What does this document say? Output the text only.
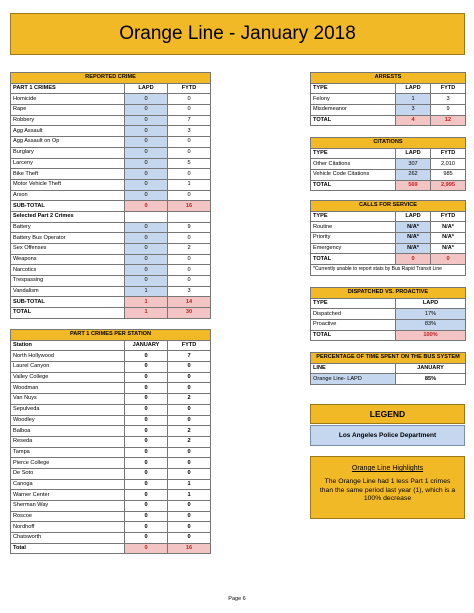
Orange Line - January 2018
REPORTED CRIME		
PART 1 CRIMES	LAPD	FYTD
Homicide	0	0
Rape	0	0
Robbery	0	7
Agg Assault	0	3
Agg Assault on Op	0	0
Burglary	0	0
Larceny	0	5
Bike Theft	0	0
Motor Vehicle Theft	0	1
Arson	0	0
SUB-TOTAL	0	16
Selected Part 2 Crimes		
Battery	0	9
Battery Bus Operator	0	0
Sex Offenses	0	2
Weapons	0	0
Narcotics	0	0
Trespassing	0	0
Vandalism	1	3
SUB-TOTAL	1	14
TOTAL	1	30
PART 1 CRIMES PER STATION		
Station	JANUARY	FYTD
North Hollywood	0	7
Laurel Canyon	0	0
Valley College	0	0
Woodman	0	0
Van Nuys	0	2
Sepulveda	0	0
Woodley	0	0
Balboa	0	2
Reseda	0	2
Tampa	0	0
Pierce College	0	0
De Soto	0	0
Canoga	0	1
Warner Center	0	1
Sherman Way	0	0
Roscoe	0	0
Nordhoff	0	0
Chatsworth	0	0
Total	0	16
ARRESTS		
TYPE	LAPD	FYTD
Felony	1	3
Misdemeanor	3	9
TOTAL	4	12
CITATIONS		
TYPE	LAPD	FYTD
Other Citations	307	2,010
Vehicle Code Citations	262	985
TOTAL	569	2,995
CALLS FOR SERVICE		
TYPE	LAPD	FYTD
Routine	N/A*	N/A*
Priority	N/A*	N/A*
Emergency	N/A*	N/A*
TOTAL	0	0
*Currently unable to report stats by Bus Rapid Transit Line		
DISPATCHED VS. PROACTIVE	
TYPE	LAPD
Dispatched	17%
Proactive	83%
TOTAL	100%
PERCENTAGE OF TIME SPENT ON THE BUS SYSTEM	
LINE	JANUARY
Orange Line- LAPD	85%
LEGEND
Los Angeles Police Department
Orange Line Highlights
The Orange Line had 1 less Part 1 crimes than the same period last year (1), which is a 100% decrease
Page 6
